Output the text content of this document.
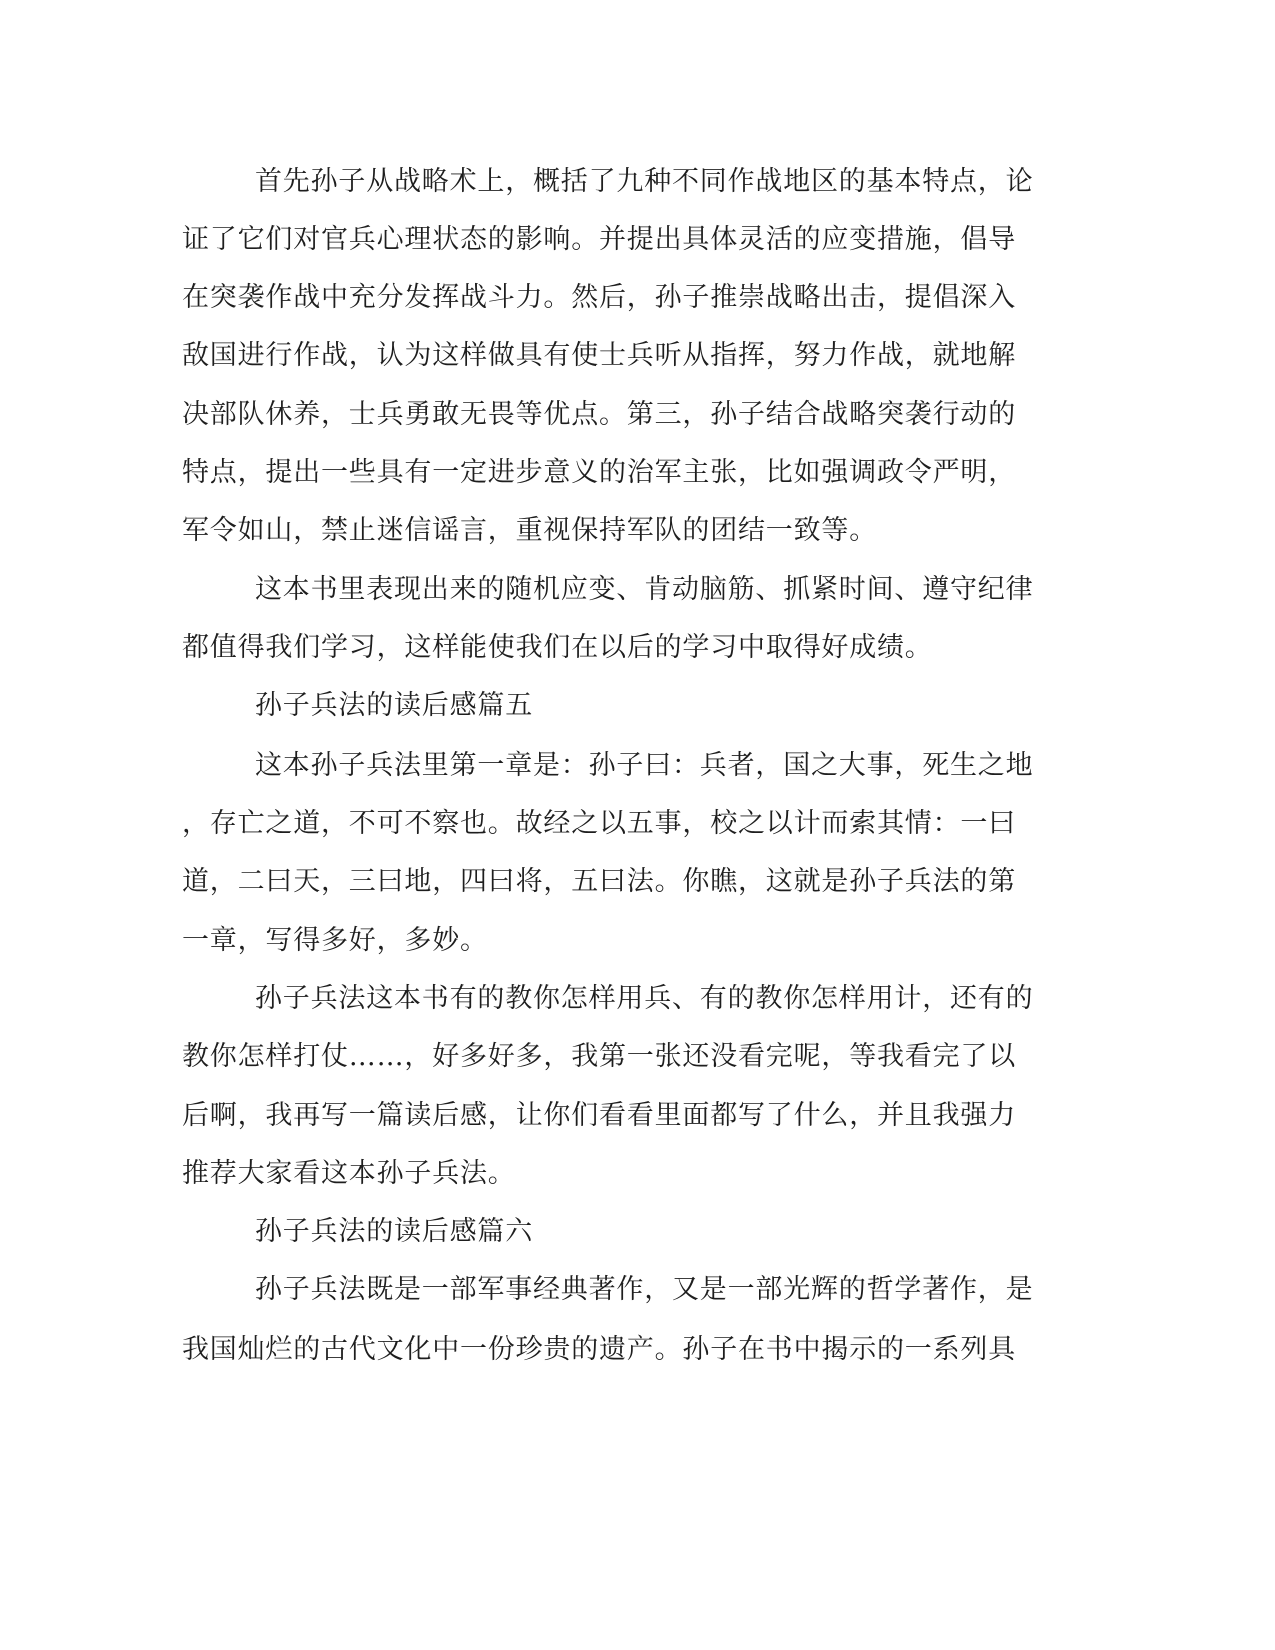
首先孙子从战略术上，概括了九种不同作战地区的基本特点，论
证了它们对官兵心理状态的影响。并提出具体灵活的应变措施，倡导
在突袭作战中充分发挥战斗力。然后，孙子推崇战略出击，提倡深入
敌国进行作战，认为这样做具有使士兵听从指挥，努力作战，就地解
决部队休养，士兵勇敢无畏等优点。第三，孙子结合战略突袭行动的
特点，提出一些具有一定进步意义的治军主张，比如强调政令严明，
军令如山，禁止迷信谣言，重视保持军队的团结一致等。
这本书里表现出来的随机应变、肯动脑筋、抓紧时间、遵守纪律
都值得我们学习，这样能使我们在以后的学习中取得好成绩。
孙子兵法的读后感篇五
这本孙子兵法里第一章是：孙子曰：兵者，国之大事，死生之地
，存亡之道，不可不察也。故经之以五事，校之以计而索其情：一曰
道，二曰天，三曰地，四曰将，五曰法。你瞧，这就是孙子兵法的第
一章，写得多好，多妙。
孙子兵法这本书有的教你怎样用兵、有的教你怎样用计，还有的
教你怎样打仗……，好多好多，我第一张还没看完呢，等我看完了以
后啊，我再写一篇读后感，让你们看看里面都写了什么，并且我强力
推荐大家看这本孙子兵法。
孙子兵法的读后感篇六
孙子兵法既是一部军事经典著作，又是一部光辉的哲学著作，是
我国灿烂的古代文化中一份珍贵的遗产。孙子在书中揭示的一系列具
